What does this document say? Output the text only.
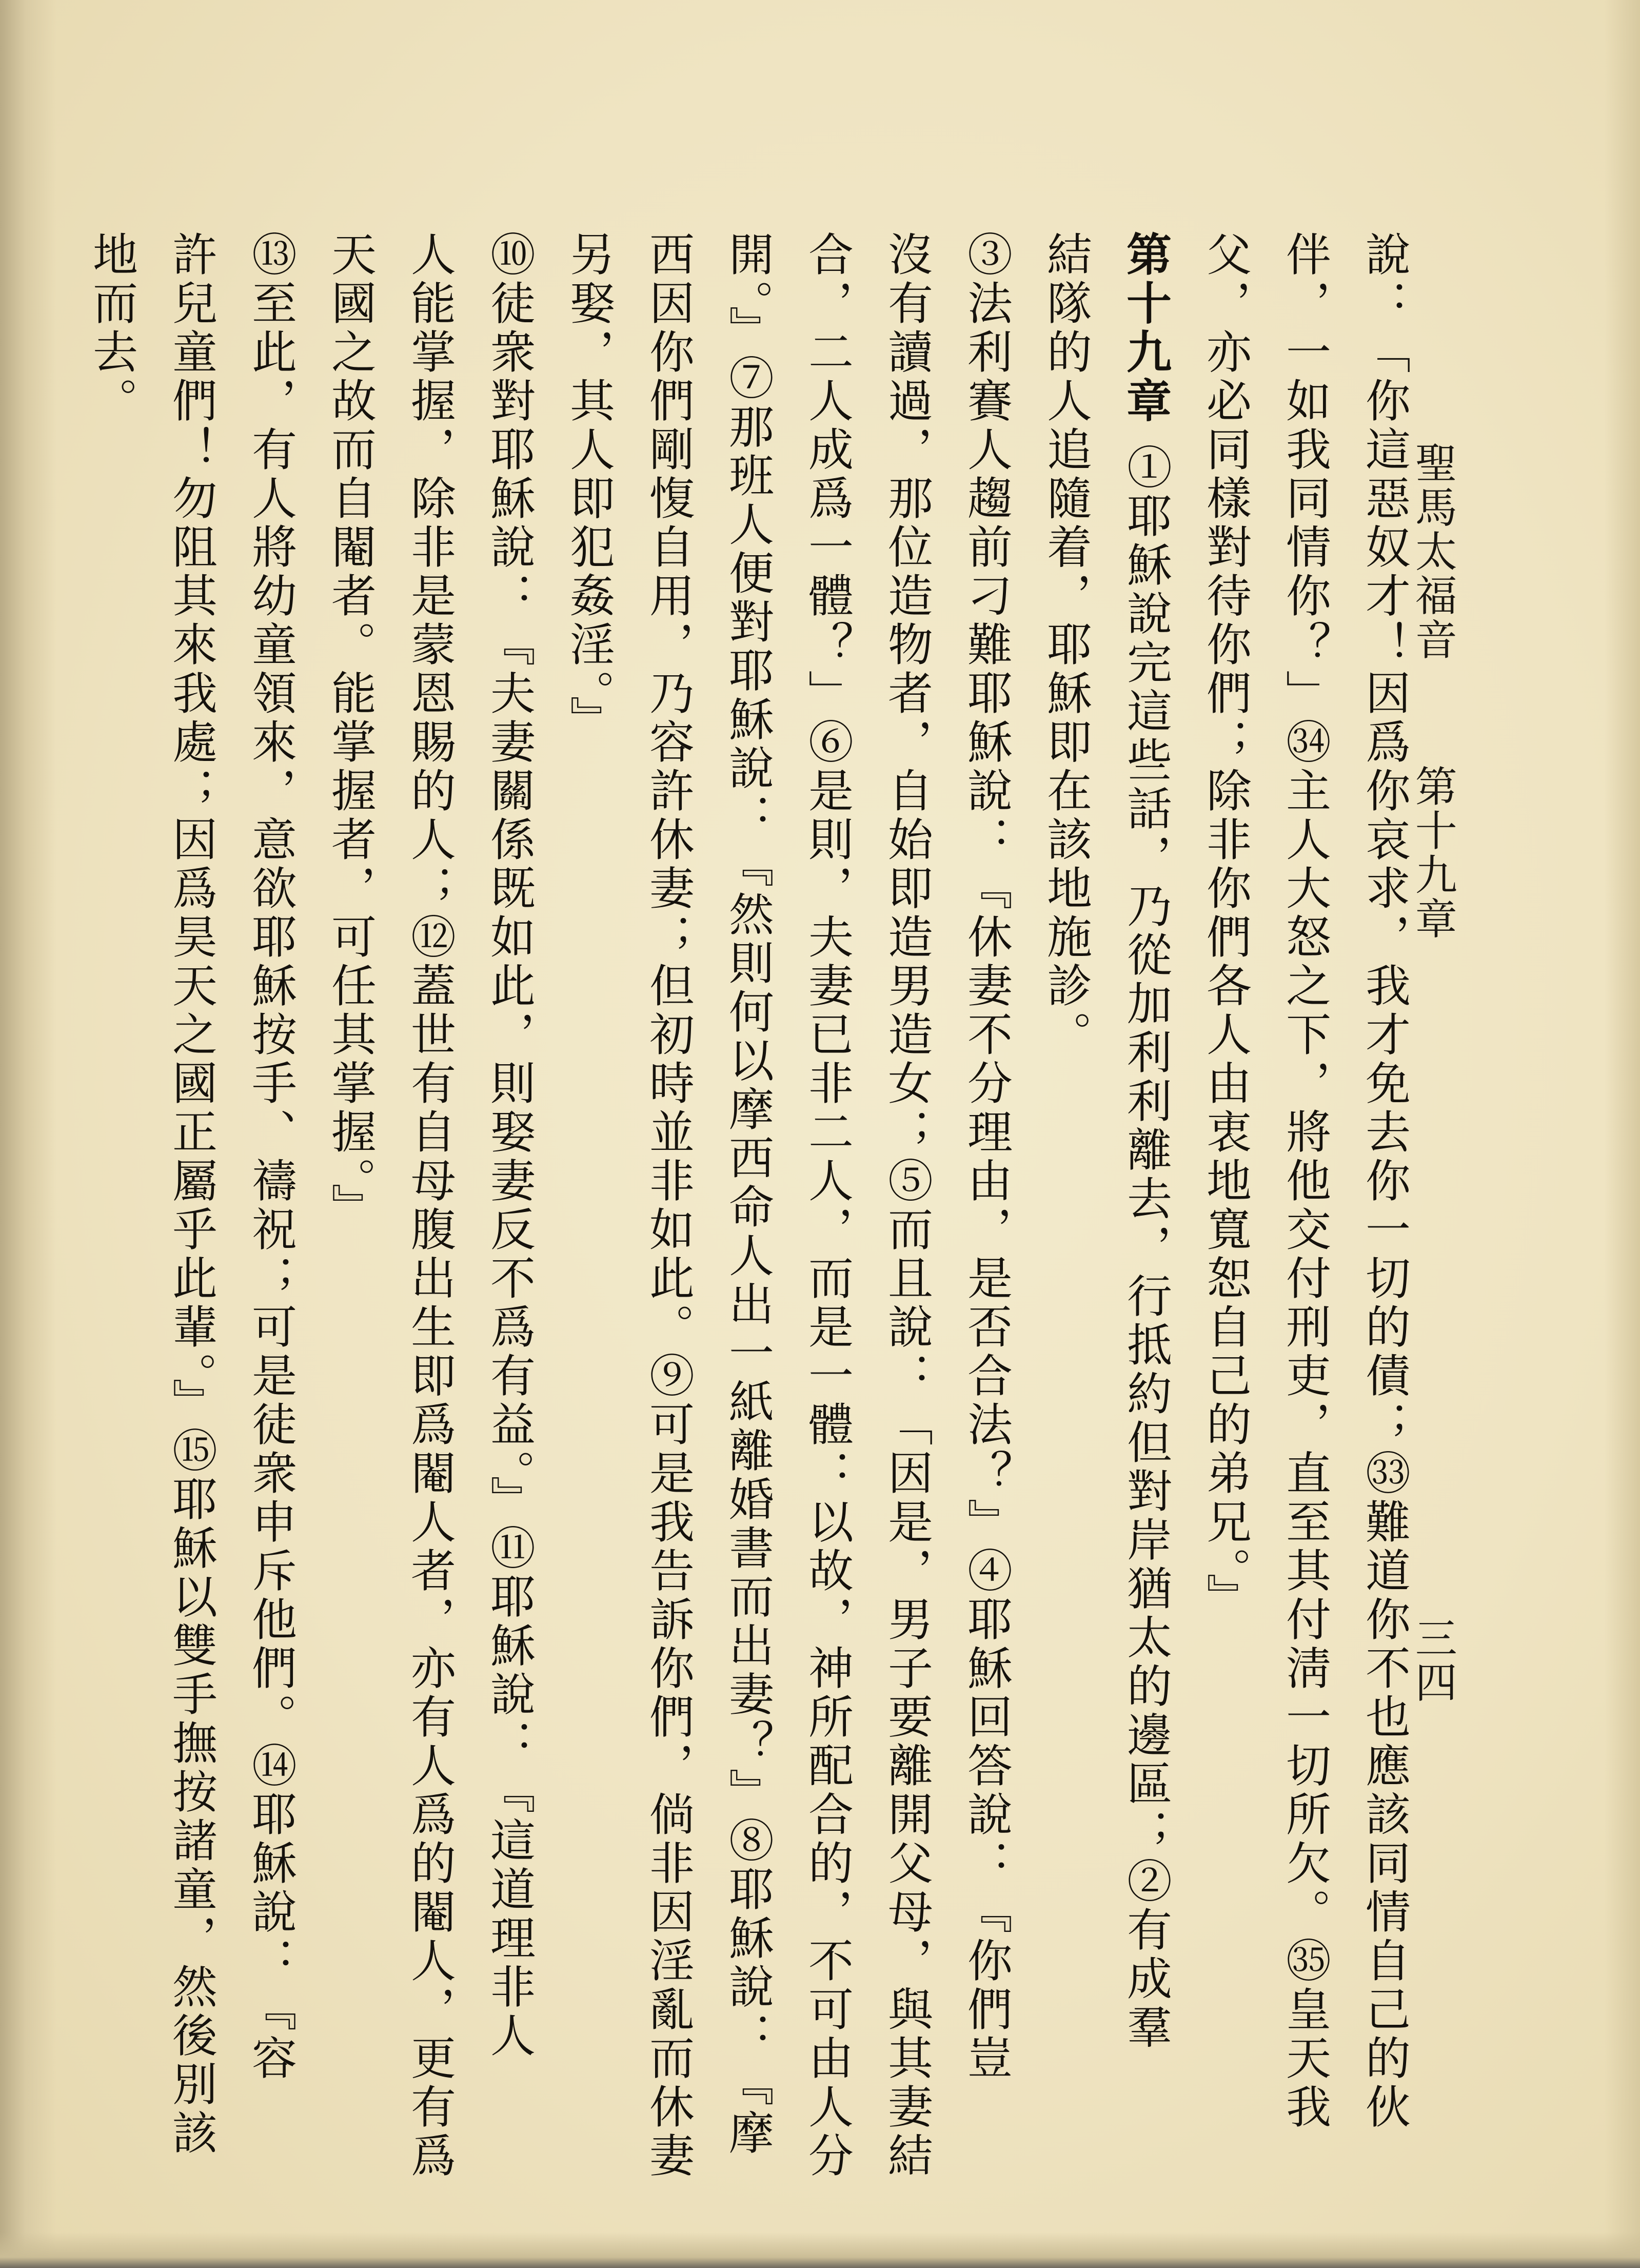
聖馬太福音
第十九章
三四
說：「你這惡奴才！因爲你哀求，我才免去你一切的債；㉝難道你不也應該同情自己的伙
伴，一如我同情你？」㉞主人大怒之下，將他交付刑吏，直至其付淸一切所欠。㉟皇天我
父，亦必同樣對待你們；除非你們各人由衷地寬恕自己的弟兄。』
第十九章 ①耶穌說完這些話，乃從加利利離去，行抵約但對岸猶太的邊區；②有成羣
結隊的人追隨着，耶穌即在該地施診。
③法利賽人趨前刁難耶穌說：『休妻不分理由，是否合法？』④耶穌回答說：『你們豈
沒有讀過，那位造物者，自始即造男造女；⑤而且說：「因是，男子要離開父母，與其妻結
合，二人成爲一體？」⑥是則，夫妻已非二人，而是一體：以故，神所配合的，不可由人分
開。』⑦那班人便對耶穌說：『然則何以摩西命人出一紙離婚書而出妻？』⑧耶穌說：『摩
西因你們剛愎自用，乃容許休妻；但初時並非如此。⑨可是我告訴你們，倘非因淫亂而休妻
另娶，其人即犯姦淫。』
⑩徒衆對耶穌說：『夫妻關係既如此，則娶妻反不爲有益。』⑪耶穌說：『這道理非人
人能掌握，除非是蒙恩賜的人；⑫蓋世有自母腹出生即爲閹人者，亦有人爲的閹人，更有爲
天國之故而自閹者。能掌握者，可任其掌握。』
⑬至此，有人將幼童領來，意欲耶穌按手、禱祝；可是徒衆申斥他們。⑭耶穌說：『容
許兒童們！勿阻其來我處；因爲昊天之國正屬乎此輩。』⑮耶穌以雙手撫按諸童，然後別該
地而去。
